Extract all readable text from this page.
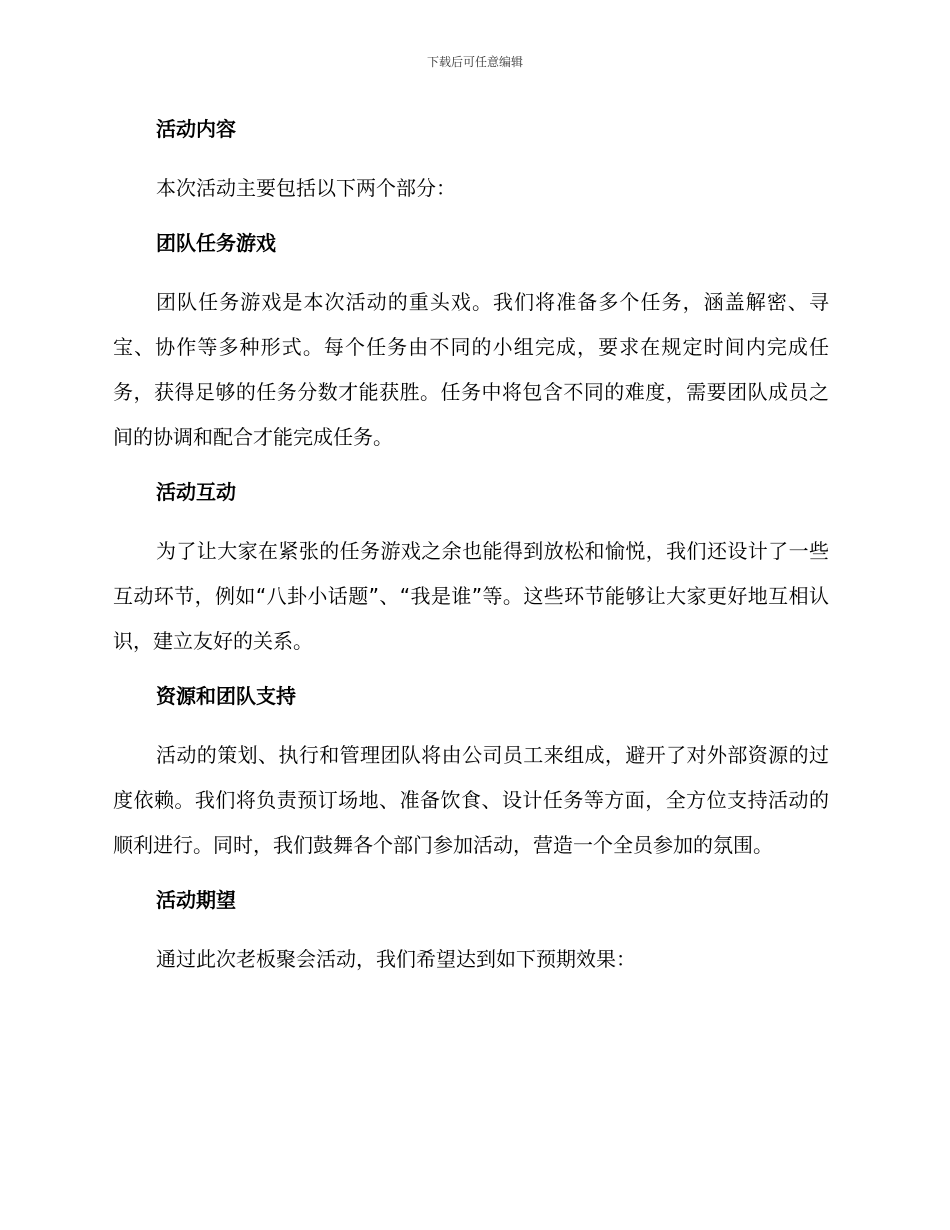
下载后可任意编辑
活动内容

本次活动主要包括以下两个部分：

团队任务游戏

团队任务游戏是本次活动的重头戏。我们将准备多个任务，涵盖解密、寻宝、协作等多种形式。每个任务由不同的小组完成，要求在规定时间内完成任务，获得足够的任务分数才能获胜。任务中将包含不同的难度，需要团队成员之间的协调和配合才能完成任务。

活动互动

为了让大家在紧张的任务游戏之余也能得到放松和愉悦，我们还设计了一些互动环节，例如“八卦小话题”、“我是谁”等。这些环节能够让大家更好地互相认识，建立友好的关系。

资源和团队支持

活动的策划、执行和管理团队将由公司员工来组成，避开了对外部资源的过度依赖。我们将负责预订场地、准备饮食、设计任务等方面，全方位支持活动的顺利进行。同时，我们鼓舞各个部门参加活动，营造一个全员参加的氛围。

活动期望

通过此次老板聚会活动，我们希望达到如下预期效果：
